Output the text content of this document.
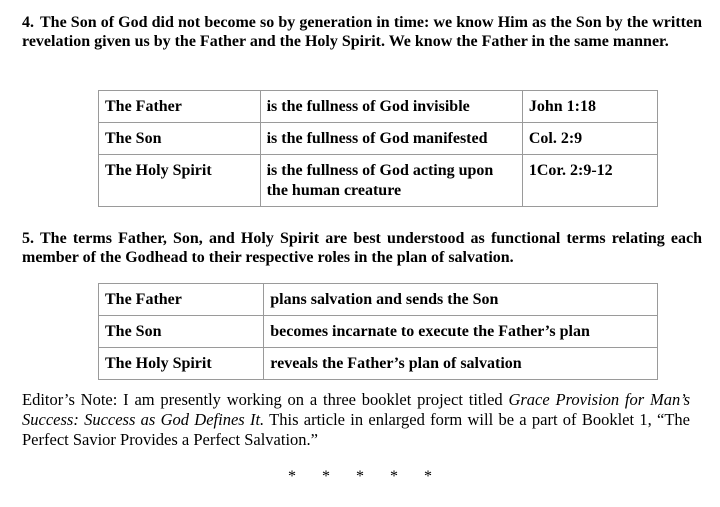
4. The Son of God did not become so by generation in time: we know Him as the Son by the written revelation given us by the Father and the Holy Spirit. We know the Father in the same manner.
The Father	is the fullness of God invisible	John 1:18
The Son	is the fullness of God manifested	Col. 2:9
The Holy Spirit	is the fullness of God acting upon the human creature	1Cor. 2:9-12
5. The terms Father, Son, and Holy Spirit are best understood as functional terms relating each member of the Godhead to their respective roles in the plan of salvation.
The Father	plans salvation and sends the Son
The Son	becomes incarnate to execute the Father’s plan
The Holy Spirit	reveals the Father’s plan of salvation
Editor’s Note: I am presently working on a three booklet project titled Grace Provision for Man’s Success: Success as God Defines It. This article in enlarged form will be a part of Booklet 1, “The Perfect Savior Provides a Perfect Salvation.”
* * * * *
